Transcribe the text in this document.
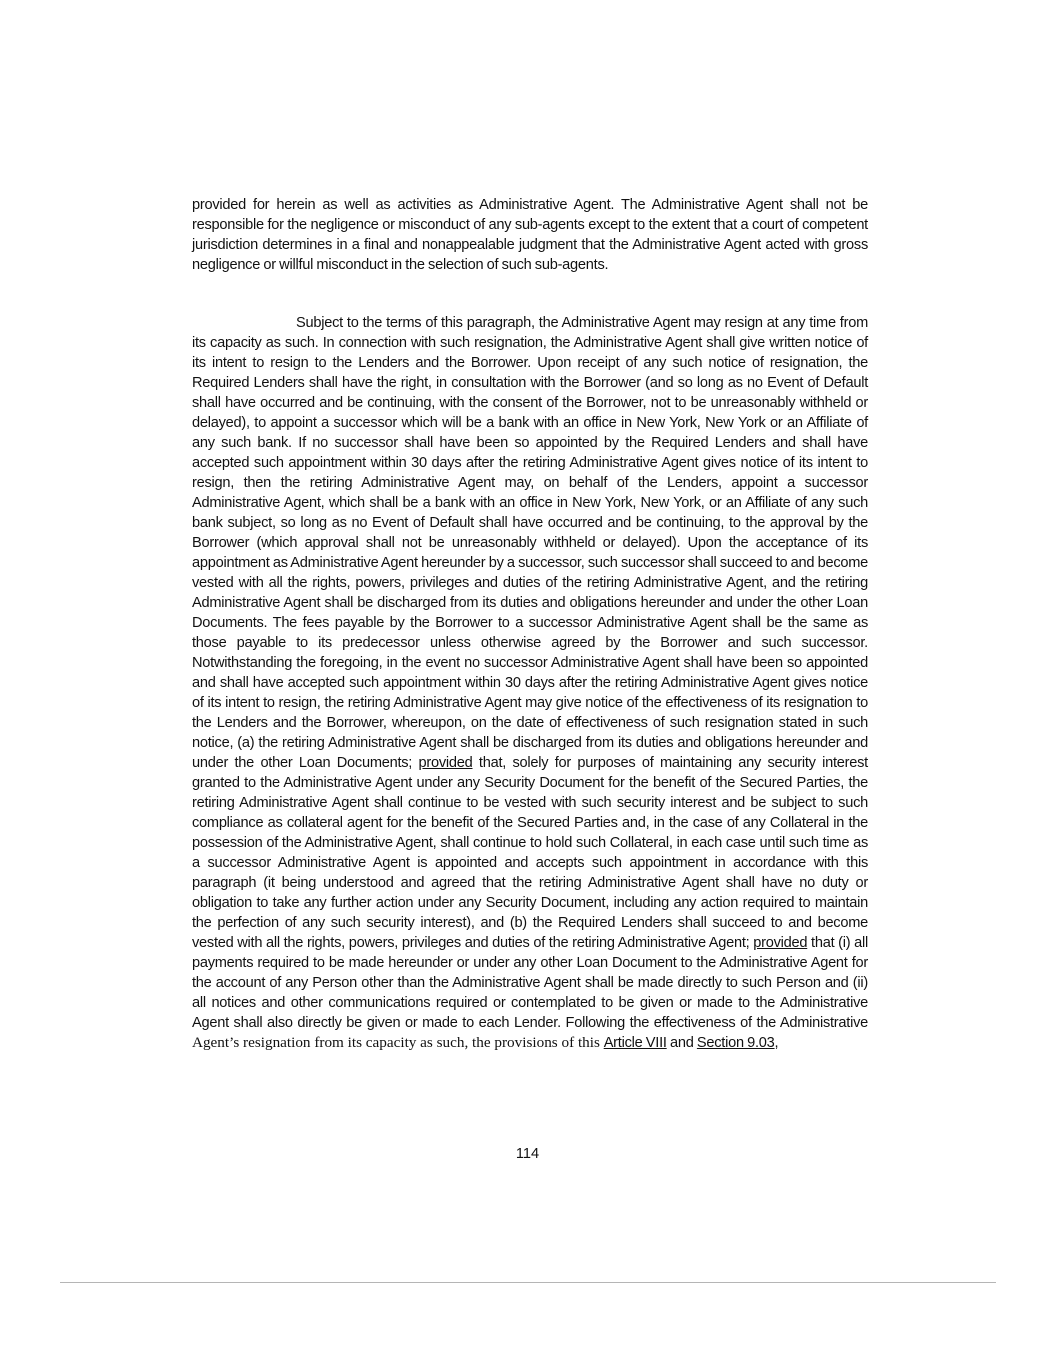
provided for herein as well as activities as Administrative Agent. The Administrative Agent shall not be responsible for the negligence or misconduct of any sub-agents except to the extent that a court of competent jurisdiction determines in a final and nonappealable judgment that the Administrative Agent acted with gross negligence or willful misconduct in the selection of such sub-agents.

Subject to the terms of this paragraph, the Administrative Agent may resign at any time from its capacity as such. In connection with such resignation, the Administrative Agent shall give written notice of its intent to resign to the Lenders and the Borrower. Upon receipt of any such notice of resignation, the Required Lenders shall have the right, in consultation with the Borrower (and so long as no Event of Default shall have occurred and be continuing, with the consent of the Borrower, not to be unreasonably withheld or delayed), to appoint a successor which will be a bank with an office in New York, New York or an Affiliate of any such bank. If no successor shall have been so appointed by the Required Lenders and shall have accepted such appointment within 30 days after the retiring Administrative Agent gives notice of its intent to resign, then the retiring Administrative Agent may, on behalf of the Lenders, appoint a successor Administrative Agent, which shall be a bank with an office in New York, New York, or an Affiliate of any such bank subject, so long as no Event of Default shall have occurred and be continuing, to the approval by the Borrower (which approval shall not be unreasonably withheld or delayed). Upon the acceptance of its appointment as Administrative Agent hereunder by a successor, such successor shall succeed to and become vested with all the rights, powers, privileges and duties of the retiring Administrative Agent, and the retiring Administrative Agent shall be discharged from its duties and obligations hereunder and under the other Loan Documents. The fees payable by the Borrower to a successor Administrative Agent shall be the same as those payable to its predecessor unless otherwise agreed by the Borrower and such successor. Notwithstanding the foregoing, in the event no successor Administrative Agent shall have been so appointed and shall have accepted such appointment within 30 days after the retiring Administrative Agent gives notice of its intent to resign, the retiring Administrative Agent may give notice of the effectiveness of its resignation to the Lenders and the Borrower, whereupon, on the date of effectiveness of such resignation stated in such notice, (a) the retiring Administrative Agent shall be discharged from its duties and obligations hereunder and under the other Loan Documents; provided that, solely for purposes of maintaining any security interest granted to the Administrative Agent under any Security Document for the benefit of the Secured Parties, the retiring Administrative Agent shall continue to be vested with such security interest and be subject to such compliance as collateral agent for the benefit of the Secured Parties and, in the case of any Collateral in the possession of the Administrative Agent, shall continue to hold such Collateral, in each case until such time as a successor Administrative Agent is appointed and accepts such appointment in accordance with this paragraph (it being understood and agreed that the retiring Administrative Agent shall have no duty or obligation to take any further action under any Security Document, including any action required to maintain the perfection of any such security interest), and (b) the Required Lenders shall succeed to and become vested with all the rights, powers, privileges and duties of the retiring Administrative Agent; provided that (i) all payments required to be made hereunder or under any other Loan Document to the Administrative Agent for the account of any Person other than the Administrative Agent shall be made directly to such Person and (ii) all notices and other communications required or contemplated to be given or made to the Administrative Agent shall also directly be given or made to each Lender. Following the effectiveness of the Administrative Agent’s resignation from its capacity as such, the provisions of this Article VIII and Section 9.03,

114
